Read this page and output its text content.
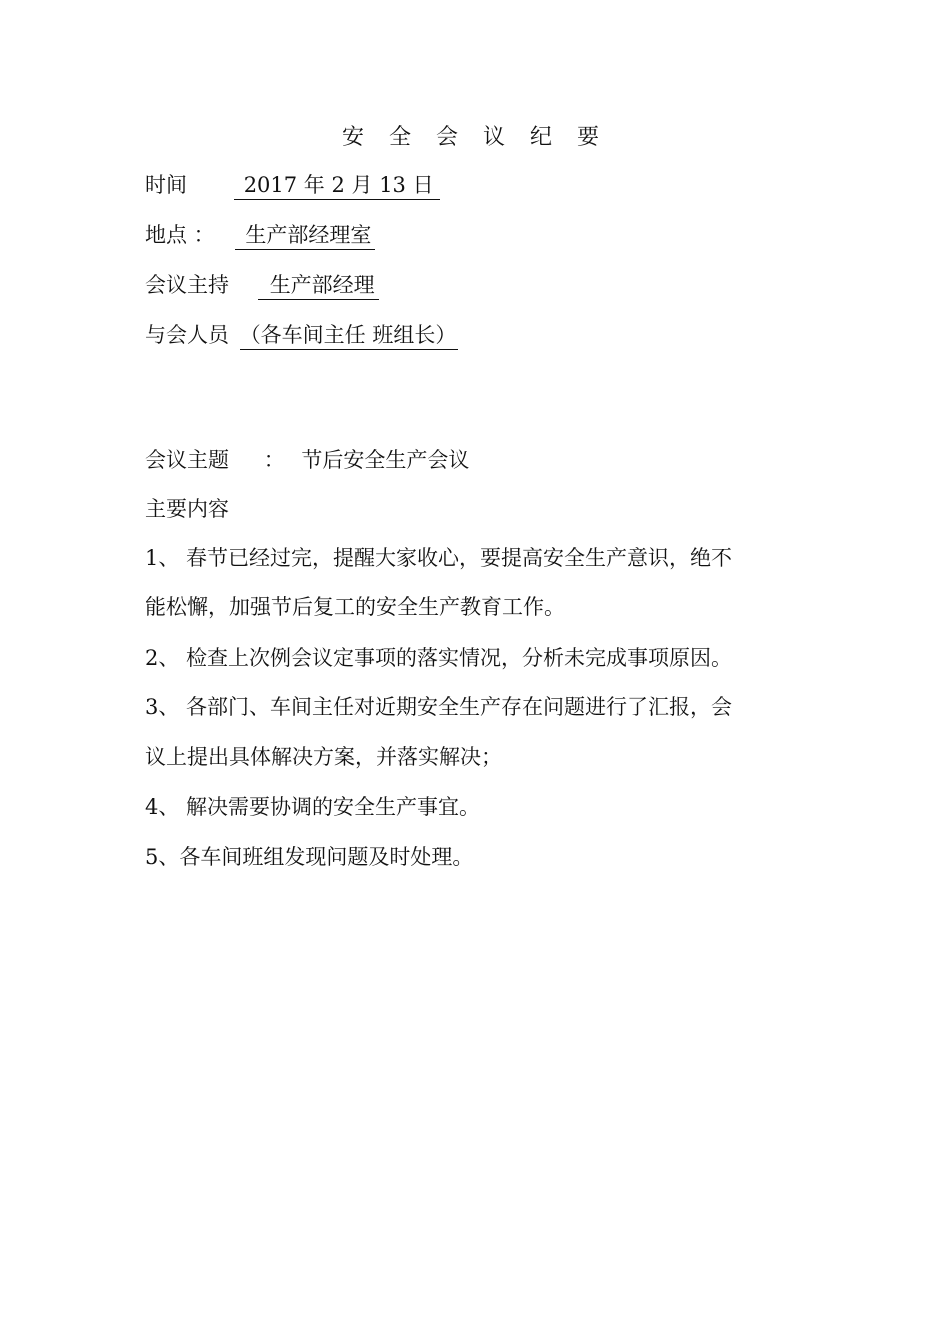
安 全 会 议 纪 要
时间	2017 年 2 月 13 日
地点 ： 生产部经理室
会议主持 生产部经理
与会人员 （各车间主任 班组长）
会议主题 ： 节后安全生产会议
主要内容
1、 春节已经过完，提醒大家收心，要提高安全生产意识，绝不
能松懈，加强节后复工的安全生产教育工作。
2、 检查上次例会议定事项的落实情况，分析未完成事项原因。
3、 各部门、车间主任对近期安全生产存在问题进行了汇报，会
议上提出具体解决方案，并落实解决；
4、 解决需要协调的安全生产事宜。
5、各车间班组发现问题及时处理。
